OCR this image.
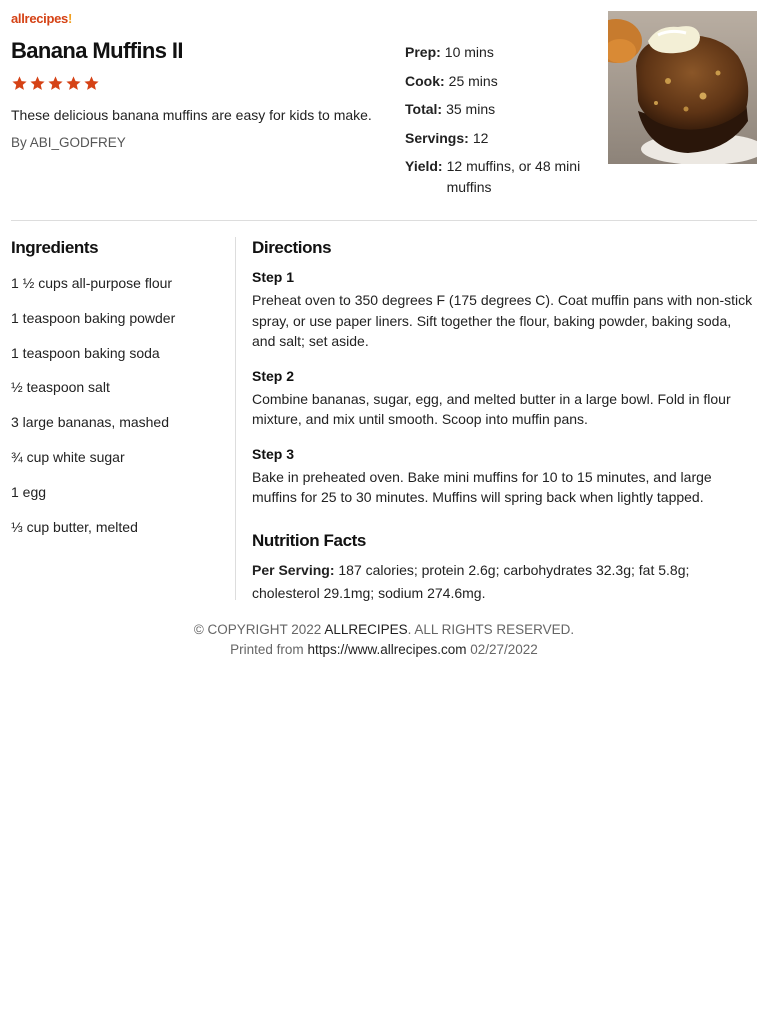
allrecipes!
Banana Muffins II
These delicious banana muffins are easy for kids to make.
By ABI_GODFREY
Prep: 10 mins
Cook: 25 mins
Total: 35 mins
Servings: 12
Yield: 12 muffins, or 48 mini muffins
Ingredients
1 ½ cups all-purpose flour
1 teaspoon baking powder
1 teaspoon baking soda
½ teaspoon salt
3 large bananas, mashed
¾ cup white sugar
1 egg
⅓ cup butter, melted
Directions
Step 1
Preheat oven to 350 degrees F (175 degrees C). Coat muffin pans with non-stick spray, or use paper liners. Sift together the flour, baking powder, baking soda, and salt; set aside.
Step 2
Combine bananas, sugar, egg, and melted butter in a large bowl. Fold in flour mixture, and mix until smooth. Scoop into muffin pans.
Step 3
Bake in preheated oven. Bake mini muffins for 10 to 15 minutes, and large muffins for 25 to 30 minutes. Muffins will spring back when lightly tapped.
Nutrition Facts
Per Serving: 187 calories; protein 2.6g; carbohydrates 32.3g; fat 5.8g; cholesterol 29.1mg; sodium 274.6mg.
© COPYRIGHT 2022 ALLRECIPES. ALL RIGHTS RESERVED.
Printed from https://www.allrecipes.com 02/27/2022
